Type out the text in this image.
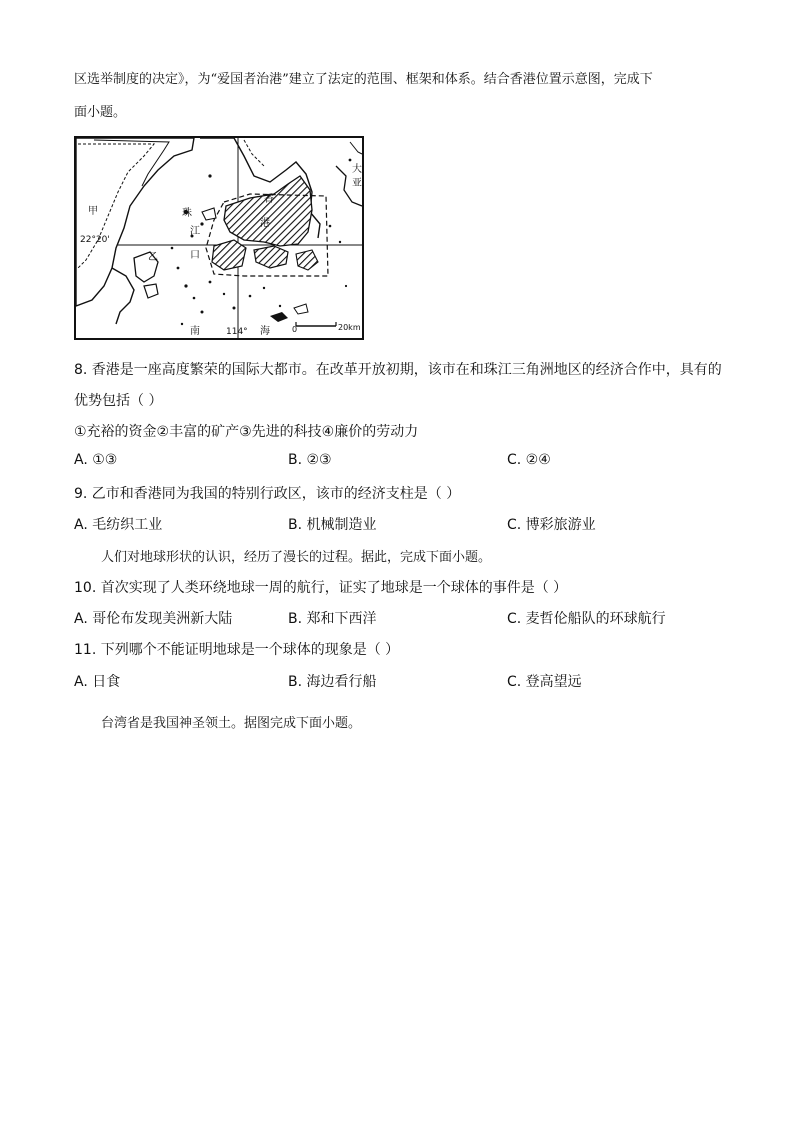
区选举制度的决定》，为“爱国者治港”建立了法定的范围、框架和体系。结合香港位置示意图，完成下
面小题。
珠
江
甲
乙	口
22°20'
南	114° 海
大
亚
香
港
0	20km
8. 香港是一座高度繁荣的国际大都市。在改革开放初期，该市在和珠江三角洲地区的经济合作中，具有的
优势包括（ ）
①充裕的资金②丰富的矿产③先进的科技④廉价的劳动力
A. ①③	B. ②③	C. ②④
9. 乙市和香港同为我国的特别行政区，该市的经济支柱是（ ）
A. 毛纺织工业	B. 机械制造业	C. 博彩旅游业
人们对地球形状的认识，经历了漫长的过程。据此，完成下面小题。
10. 首次实现了人类环绕地球一周的航行，证实了地球是一个球体的事件是（ ）
A. 哥伦布发现美洲新大陆	B. 郑和下西洋	C. 麦哲伦船队的环球航行
11. 下列哪个不能证明地球是一个球体的现象是（ ）
A. 日食	B. 海边看行船	C. 登高望远
台湾省是我国神圣领土。据图完成下面小题。
